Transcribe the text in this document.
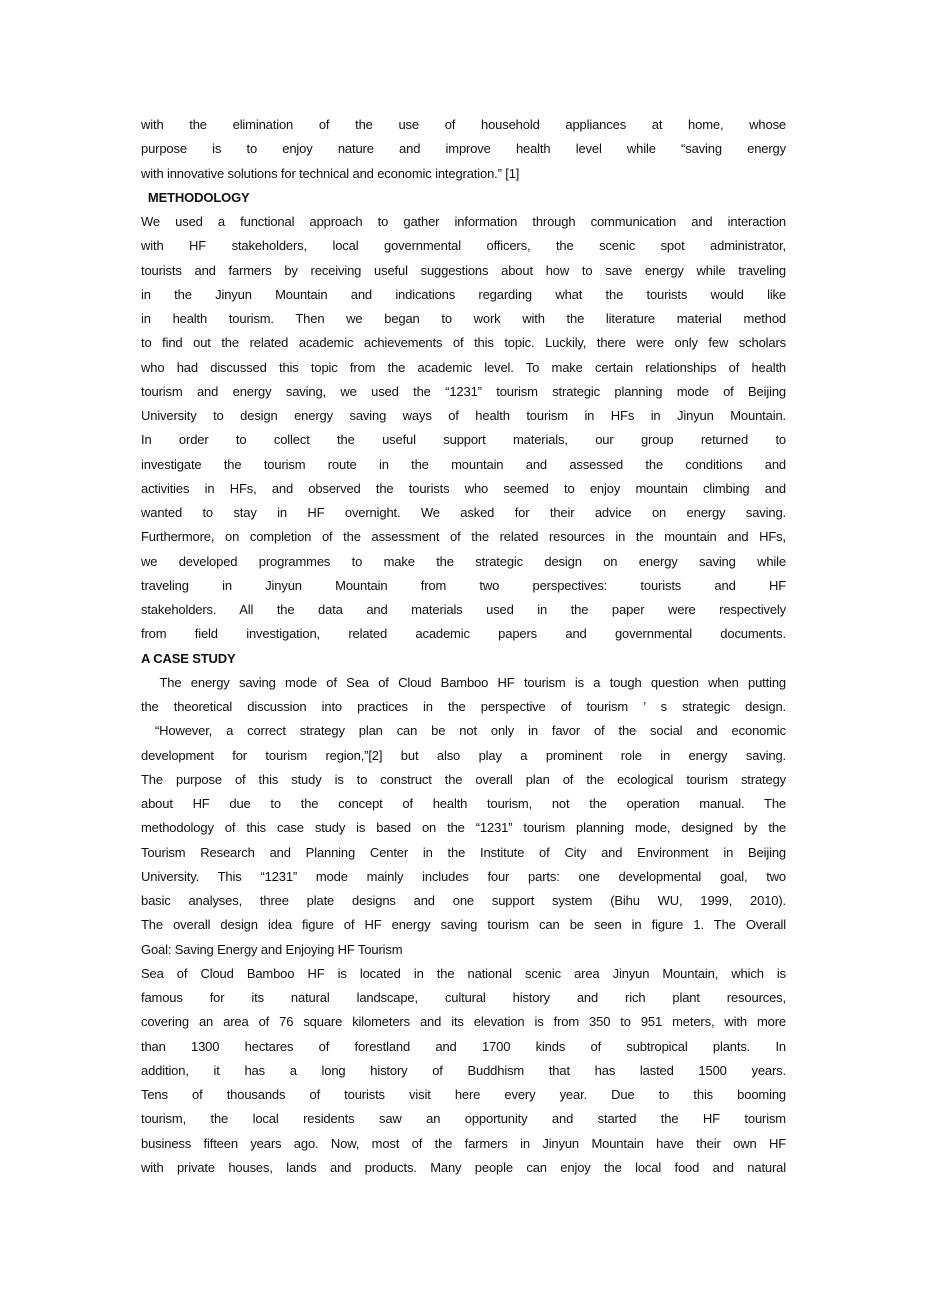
with the elimination of the use of household appliances at home, whose
purpose is to enjoy nature and improve health level while “saving energy
with innovative solutions for technical and economic integration.” [1]
METHODOLOGY
We used a functional approach to gather information through communication and interaction
with HF stakeholders, local governmental officers, the scenic spot administrator,
tourists and farmers by receiving useful suggestions about how to save energy while traveling
in the Jinyun Mountain and indications regarding what the tourists would like
in health tourism. Then we began to work with the literature material method
to find out the related academic achievements of this topic. Luckily, there were only few scholars
who had discussed this topic from the academic level. To make certain relationships of health
tourism and energy saving, we used the “1231” tourism strategic planning mode of Beijing
University to design energy saving ways of health tourism in HFs in Jinyun Mountain.
In order to collect the useful support materials, our group returned to
investigate the tourism route in the mountain and assessed the conditions and
activities in HFs, and observed the tourists who seemed to enjoy mountain climbing and
wanted to stay in HF overnight. We asked for their advice on energy saving.
Furthermore, on completion of the assessment of the related resources in the mountain and HFs,
we developed programmes to make the strategic design on energy saving while
traveling in Jinyun Mountain from two perspectives: tourists and HF
stakeholders. All the data and materials used in the paper were respectively
from field investigation, related academic papers and governmental documents.
A CASE STUDY
The energy saving mode of Sea of Cloud Bamboo HF tourism is a tough question when putting
the theoretical discussion into practices in the perspective of tourism ’ s strategic design.
“However, a correct strategy plan can be not only in favor of the social and economic
development for tourism region,”[2] but also play a prominent role in energy saving.
The purpose of this study is to construct the overall plan of the ecological tourism strategy
about HF due to the concept of health tourism, not the operation manual. The
methodology of this case study is based on the “1231” tourism planning mode, designed by the
Tourism Research and Planning Center in the Institute of City and Environment in Beijing
University. This “1231” mode mainly includes four parts: one developmental goal, two
basic analyses, three plate designs and one support system (Bihu WU, 1999, 2010).
The overall design idea figure of HF energy saving tourism can be seen in figure 1. The Overall
Goal: Saving Energy and Enjoying HF Tourism
Sea of Cloud Bamboo HF is located in the national scenic area Jinyun Mountain, which is
famous for its natural landscape, cultural history and rich plant resources,
covering an area of 76 square kilometers and its elevation is from 350 to 951 meters, with more
than 1300 hectares of forestland and 1700 kinds of subtropical plants. In
addition, it has a long history of Buddhism that has lasted 1500 years.
Tens of thousands of tourists visit here every year. Due to this booming
tourism, the local residents saw an opportunity and started the HF tourism
business fifteen years ago. Now, most of the farmers in Jinyun Mountain have their own HF
with private houses, lands and products. Many people can enjoy the local food and natural
